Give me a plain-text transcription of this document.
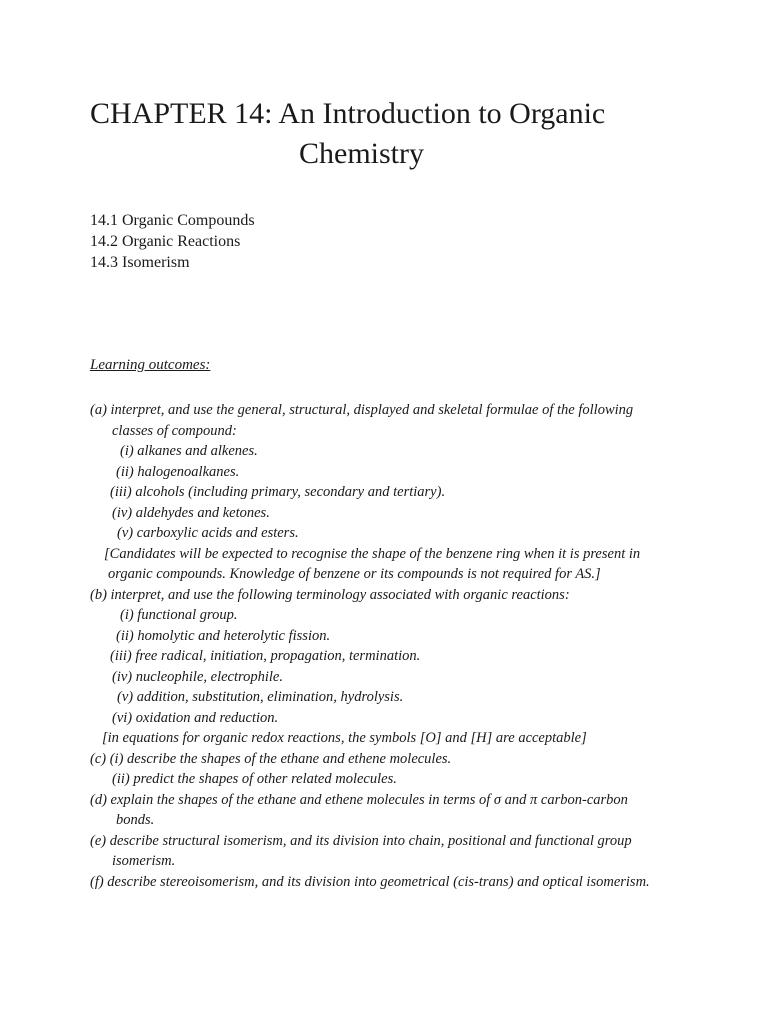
CHAPTER 14: An Introduction to Organic
Chemistry
14.1 Organic Compounds
14.2 Organic Reactions
14.3 Isomerism
Learning outcomes:
(a) interpret, and use the general, structural, displayed and skeletal formulae of the following
classes of compound:
(i) alkanes and alkenes.
(ii) halogenoalkanes.
(iii) alcohols (including primary, secondary and tertiary).
(iv) aldehydes and ketones.
(v) carboxylic acids and esters.
[Candidates will be expected to recognise the shape of the benzene ring when it is present in
organic compounds. Knowledge of benzene or its compounds is not required for AS.]
(b) interpret, and use the following terminology associated with organic reactions:
(i) functional group.
(ii) homolytic and heterolytic fission.
(iii) free radical, initiation, propagation, termination.
(iv) nucleophile, electrophile.
(v) addition, substitution, elimination, hydrolysis.
(vi) oxidation and reduction.
[in equations for organic redox reactions, the symbols [O] and [H] are acceptable]
(c) (i) describe the shapes of the ethane and ethene molecules.
(ii) predict the shapes of other related molecules.
(d) explain the shapes of the ethane and ethene molecules in terms of σ and π carbon-carbon
bonds.
(e) describe structural isomerism, and its division into chain, positional and functional group
isomerism.
(f) describe stereoisomerism, and its division into geometrical (cis-trans) and optical isomerism.
